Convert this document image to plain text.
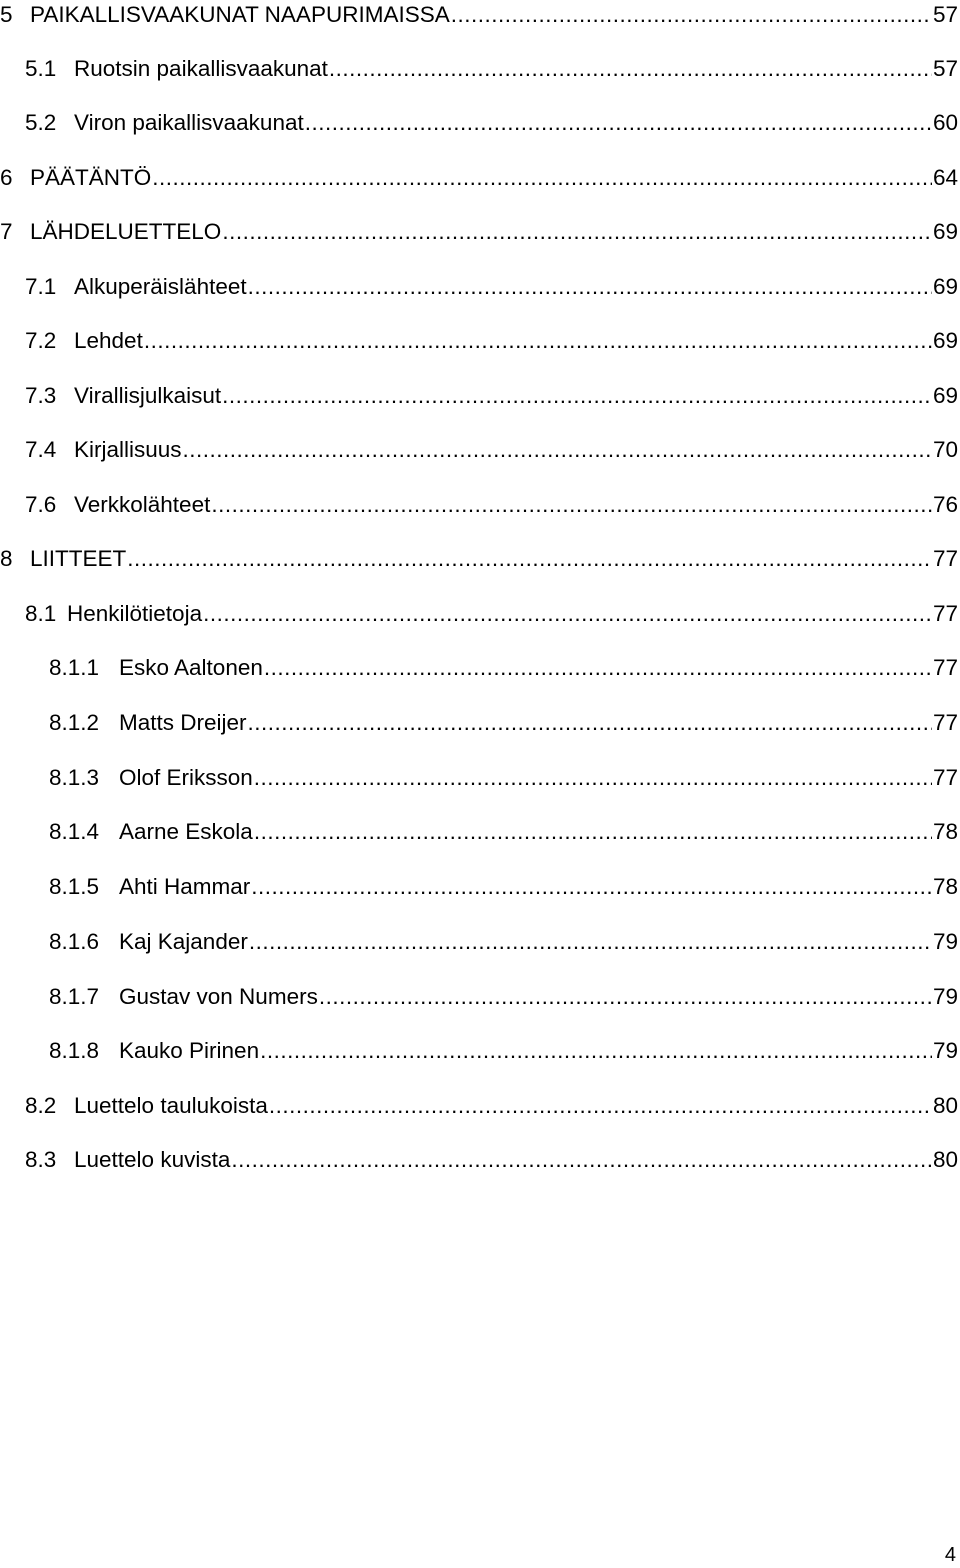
5 PAIKALLISVAAKUNAT NAAPURIMAISSA .....	57
5.1 Ruotsin paikallisvaakunat .....	57
5.2 Viron paikallisvaakunat .....	60
6 PÄÄTÄNTÖ .....	64
7 LÄHDELUETTELO .....	69
7.1 Alkuperäislähteet .....	69
7.2 Lehdet .....	69
7.3 Virallisjulkaisut .....	69
7.4 Kirjallisuus .....	70
7.6 Verkkolähteet .....	76
8 LIITTEET .....	77
8.1 Henkilötietoja .....	77
8.1.1 Esko Aaltonen .....	77
8.1.2 Matts Dreijer .....	77
8.1.3 Olof Eriksson .....	77
8.1.4 Aarne Eskola .....	78
8.1.5 Ahti Hammar .....	78
8.1.6 Kaj Kajander .....	79
8.1.7 Gustav von Numers .....	79
8.1.8 Kauko Pirinen .....	79
8.2 Luettelo taulukoista .....	80
8.3 Luettelo kuvista .....	80
4
